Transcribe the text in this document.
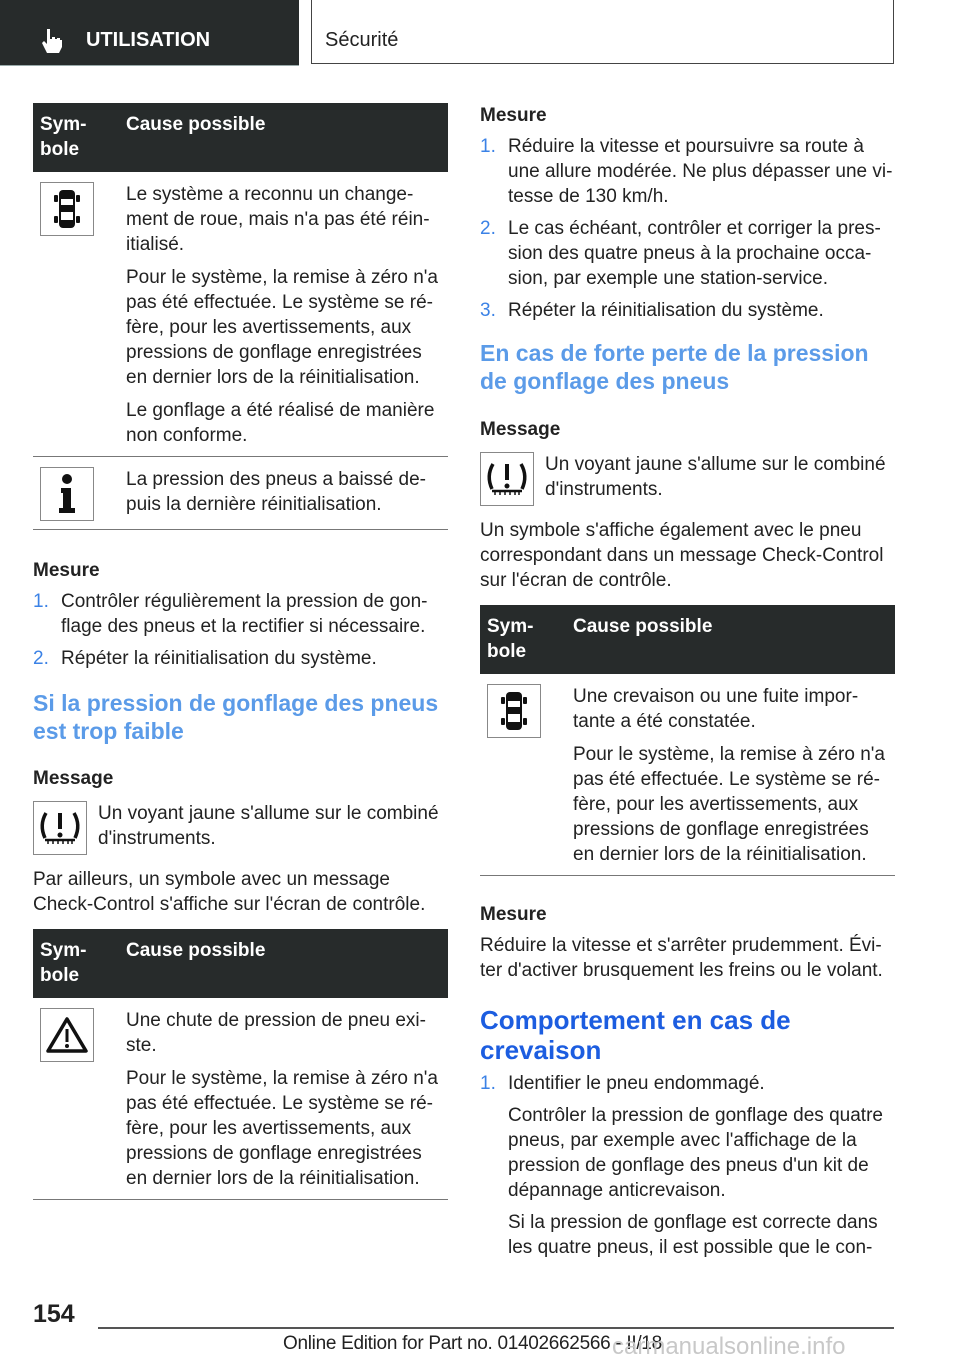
UTILISATION	Sécurité
Sym-
bole
Cause possible

Le système a reconnu un change-ment de roue, mais n'a pas été réin-itialisé.

Pour le système, la remise à zéro n'a pas été effectuée. Le système se ré-fère, pour les avertissements, aux pressions de gonflage enregistrées en dernier lors de la réinitialisation.

Le gonflage a été réalisé de manière non conforme.

La pression des pneus a baissé de-puis la dernière réinitialisation.

Mesure

1. Contrôler régulièrement la pression de gon-flage des pneus et la rectifier si nécessaire.
2. Répéter la réinitialisation du système.
Si la pression de gonflage des pneus est trop faible

Message

Un voyant jaune s'allume sur le combiné d'instruments.

Par ailleurs, un symbole avec un message Check-Control s'affiche sur l'écran de contrôle.

Sym-
bole
Cause possible

Une chute de pression de pneu exi-ste.

Pour le système, la remise à zéro n'a pas été effectuée. Le système se ré-fère, pour les avertissements, aux pressions de gonflage enregistrées en dernier lors de la réinitialisation.

Mesure

1. Réduire la vitesse et poursuivre sa route à une allure modérée. Ne plus dépasser une vi-tesse de 130 km/h.
2. Le cas échéant, contrôler et corriger la pres-sion des quatre pneus à la prochaine occa-sion, par exemple une station-service.
3. Répéter la réinitialisation du système.
En cas de forte perte de la pression de gonflage des pneus

Message

Un voyant jaune s'allume sur le combiné d'instruments.

Un symbole s'affiche également avec le pneu correspondant dans un message Check-Control sur l'écran de contrôle.

Sym-
bole
Cause possible

Une crevaison ou une fuite impor-tante a été constatée.

Pour le système, la remise à zéro n'a pas été effectuée. Le système se ré-fère, pour les avertissements, aux pressions de gonflage enregistrées en dernier lors de la réinitialisation.

Mesure

Réduire la vitesse et s'arrêter prudemment. Évi-ter d'activer brusquement les freins ou le volant.

Comportement en cas de crevaison
1. Identifier le pneu endommagé.

Contrôler la pression de gonflage des quatre pneus, par exemple avec l'affichage de la pression de gonflage des pneus d'un kit de dépannage anticrevaison.

Si la pression de gonflage est correcte dans les quatre pneus, il est possible que le con-

154
Online Edition for Part no. 01402662566 - II/18
carmanualsonline.info
